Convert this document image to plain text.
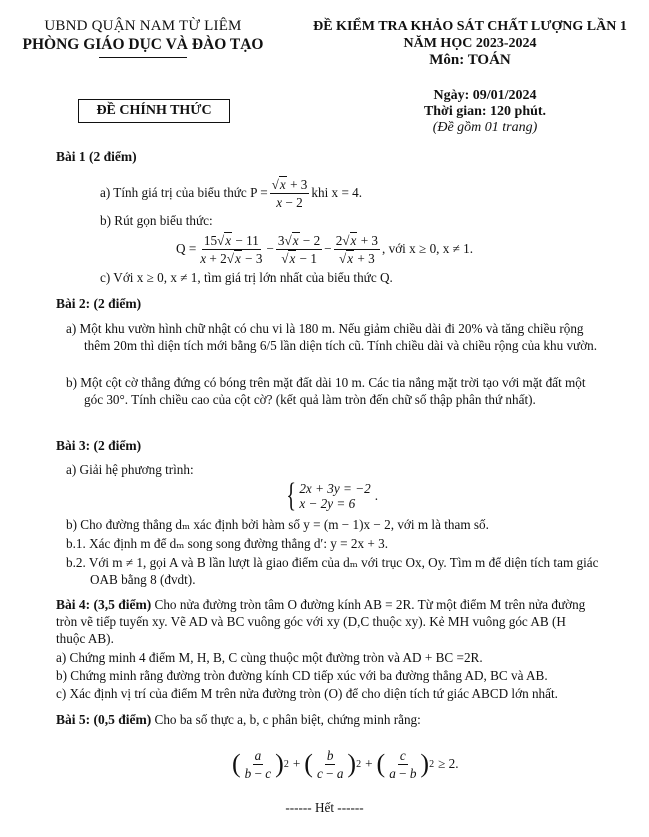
UBND QUẬN NAM TỪ LIÊM
PHÒNG GIÁO DỤC VÀ ĐÀO TẠO
ĐỀ KIỂM TRA KHẢO SÁT CHẤT LƯỢNG LẦN 1
NĂM HỌC 2023-2024
Môn: TOÁN
ĐỀ CHÍNH THỨC
Ngày: 09/01/2024
Thời gian: 120 phút.
(Đề gồm 01 trang)
Bài 1 (2 điểm)
a) Tính giá trị của biểu thức $P = \frac{√x + 3}{x - 2}$ khi x = 4.
b) Rút gọn biểu thức:
$Q = \frac{15√x - 11}{x + 2√x - 3} - \frac{3√x - 2}{√x - 1} - \frac{2√x + 3}{√x + 3}$ , với x ≥ 0, x ≠ 1.
c) Với x ≥ 0, x ≠ 1, tìm giá trị lớn nhất của biểu thức Q.
Bài 2: (2 điểm)
a) Một khu vườn hình chữ nhật có chu vi là 180 m. Nếu giảm chiều dài đi 20% và tăng chiều rộng thêm 20m thì diện tích mới bằng 6/5 lần diện tích cũ. Tính chiều dài và chiều rộng của khu vườn.
b) Một cột cờ thẳng đứng có bóng trên mặt đất dài 10 m. Các tia nắng mặt trời tạo với mặt đất một góc 30°. Tính chiều cao của cột cờ? (kết quả làm tròn đến chữ số thập phân thứ nhất).
Bài 3: (2 điểm)
a) Giải hệ phương trình:
{ 2x + 3y = −2
x − 2y = 6
.
b) Cho đường thẳng dₘ xác định bởi hàm số y = (m − 1)x − 2, với m là tham số.
b.1. Xác định m để dₘ song song đường thẳng d′: y = 2x + 3.
b.2. Với m ≠ 1, gọi A và B lần lượt là giao điểm của dₘ với trục Ox, Oy. Tìm m để diện tích tam giác OAB bằng 8 (đvdt).
Bài 4: (3,5 điểm) Cho nửa đường tròn tâm O đường kính AB = 2R. Từ một điểm M trên nửa đường tròn vẽ tiếp tuyến xy. Vẽ AD và BC vuông góc với xy (D,C thuộc xy). Kẻ MH vuông góc AB (H thuộc AB).
a) Chứng minh 4 điểm M, H, B, C cùng thuộc một đường tròn và AD + BC =2R.
b) Chứng minh rằng đường tròn đường kính CD tiếp xúc với ba đường thẳng AD, BC và AB.
c) Xác định vị trí của điểm M trên nửa đường tròn (O) để cho diện tích tứ giác ABCD lớn nhất.
Bài 5: (0,5 điểm) Cho ba số thực a, b, c phân biệt, chứng minh rằng:
( $\frac{a}{b - c}$ ) 2 + ( $\frac{b}{c - a}$ ) 2 + ( $\frac{c}{a - b}$ ) 2 ≥ 2.
------ Hết ------
